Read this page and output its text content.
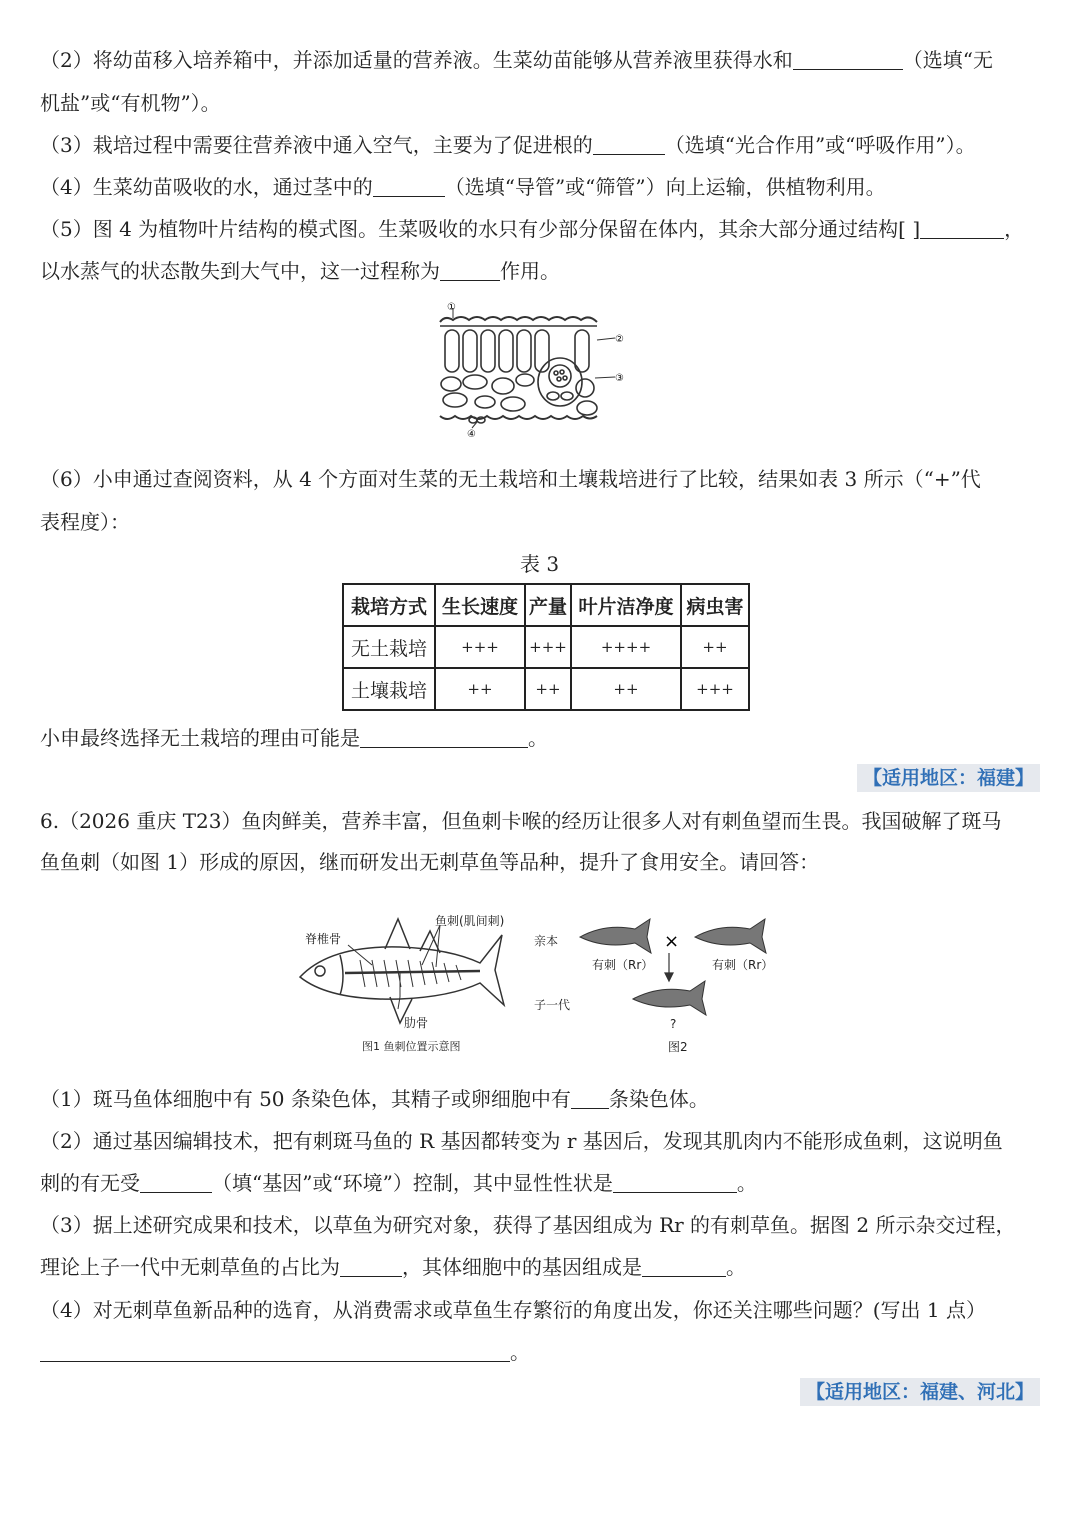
（2）将幼苗移入培养箱中，并添加适量的营养液。生菜幼苗能够从营养液里获得水和	（选填“无
机盐”或“有机物”）。
（3）栽培过程中需要往营养液中通入空气，主要为了促进根的	（选填“光合作用”或“呼吸作用”）。
（4）生菜幼苗吸收的水，通过茎中的	（选填“导管”或“筛管”）向上运输，供植物利用。
（5）图 4 为植物叶片结构的模式图。生菜吸收的水只有少部分保留在体内，其余大部分通过结构[ ]	，
以水蒸气的状态散失到大气中，这一过程称为	作用。
①
②
③
④
（6）小申通过查阅资料，从 4 个方面对生菜的无土栽培和土壤栽培进行了比较，结果如表 3 所示（“+”代
表程度）：
表 3
栽培方式	生长速度	产量	叶片洁净度	病虫害
无土栽培	+++	+++	++++	++
土壤栽培	++	++	++	+++
小申最终选择无土栽培的理由可能是	。
【适用地区：福建】
6.（2026 重庆 T23）鱼肉鲜美，营养丰富，但鱼刺卡喉的经历让很多人对有刺鱼望而生畏。我国破解了斑马
鱼鱼刺（如图 1）形成的原因，继而研发出无刺草鱼等品种，提升了食用安全。请回答：
脊椎骨
鱼刺(肌间刺)
肋骨
图1 鱼刺位置示意图
亲本
子一代
×
有刺（Rr）	有刺（Rr）
?
图2
（1）斑马鱼体细胞中有 50 条染色体，其精子或卵细胞中有 条染色体。
（2）通过基因编辑技术，把有刺斑马鱼的 R 基因都转变为 r 基因后，发现其肌肉内不能形成鱼刺，这说明鱼
刺的有无受	（填“基因”或“环境”）控制，其中显性性状是	。
（3）据上述研究成果和技术，以草鱼为研究对象，获得了基因组成为 Rr 的有刺草鱼。据图 2 所示杂交过程，
理论上子一代中无刺草鱼的占比为	，其体细胞中的基因组成是	。
（4）对无刺草鱼新品种的选育，从消费需求或草鱼生存繁衍的角度出发，你还关注哪些问题？(写出 1 点）
。
【适用地区：福建、河北】
